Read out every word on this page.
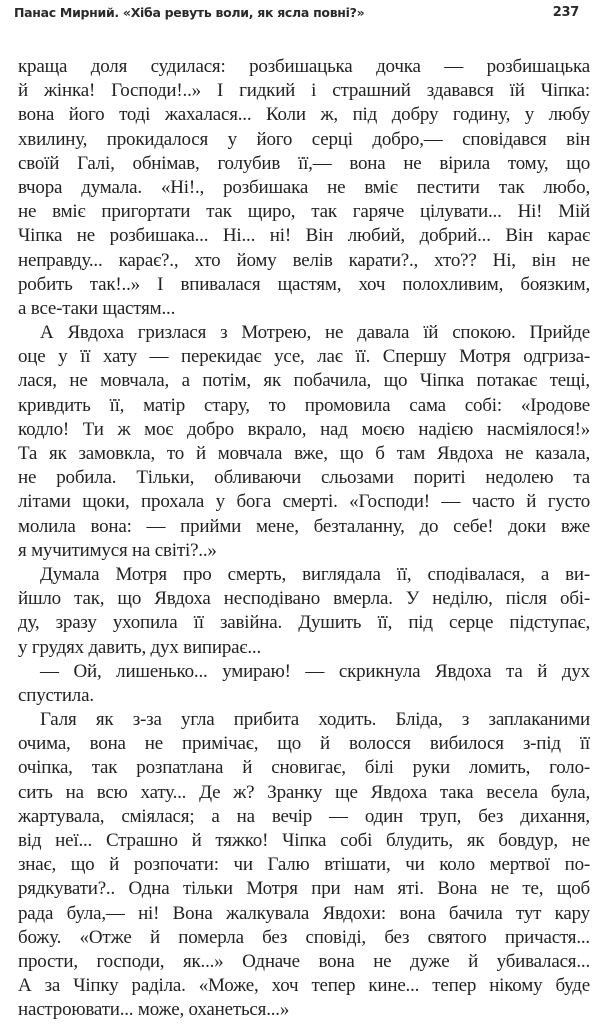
Панас Мирний. «Хіба ревуть воли, як ясла повні?»	237
краща доля судилася: розбишацька дочка — розбишацька
й жінка! Господи!..» І гидкий і страшний здавався їй Чіпка:
вона його тоді жахалася... Коли ж, під добру годину, у любу
хвилину, прокидалося у його серці добро,— сповідався він
своїй Галі, обнімав, голубив її,— вона не вірила тому, що
вчора думала. «Ні!., розбишака не вміє пестити так любо,
не вміє пригортати так щиро, так гаряче цілувати... Ні! Мій
Чіпка не розбишака... Ні... ні! Він любий, добрий... Він карає
неправду... карає?., хто йому велів карати?., хто?? Ні, він не
робить так!..» І впивалася щастям, хоч полохливим, боязким,
а все-таки щастям...
А Явдоха гризлася з Мотрею, не давала їй спокою. Прийде
оце у її хату — перекидає усе, лає її. Спершу Мотря одгриза-
лася, не мовчала, а потім, як побачила, що Чіпка потакає тещі,
кривдить її, матір стару, то промовила сама собі: «Іродове
кодло! Ти ж моє добро вкрало, над моєю надією насміялося!»
Та як замовкла, то й мовчала вже, що б там Явдоха не казала,
не робила. Тільки, обливаючи сльозами пориті недолею та
літами щоки, прохала у бога смерті. «Господи! — часто й густо
молила вона: — прийми мене, безталанну, до себе! доки вже
я мучитимуся на світі?..»
Думала Мотря про смерть, виглядала її, сподівалася, а ви-
йшло так, що Явдоха несподівано вмерла. У неділю, після обі-
ду, зразу ухопила її завійна. Душить її, під серце підступає,
у грудях давить, дух випирає...
— Ой, лишенько... умираю! — скрикнула Явдоха та й дух
спустила.
Галя як з-за угла прибита ходить. Бліда, з заплаканими
очима, вона не примічає, що й волосся вибилося з-під її
очіпка, так розпатлана й сновигає, білі руки ломить, голо-
сить на всю хату... Де ж? Зранку ще Явдоха така весела була,
жартувала, сміялася; а на вечір — один труп, без дихання,
від неї... Страшно й тяжко! Чіпка собі блудить, як бовдур, не
знає, що й розпочати: чи Галю втішати, чи коло мертвої по-
рядкувати?.. Одна тільки Мотря при нам яті. Вона не те, щоб
рада була,— ні! Вона жалкувала Явдохи: вона бачила тут кару
божу. «Отже й померла без сповіді, без святого причастя...
прости, господи, як...» Одначе вона не дуже й убивалася...
А за Чіпку раділа. «Може, хоч тепер кине... тепер нікому буде
настроювати... може, оханеться...»
